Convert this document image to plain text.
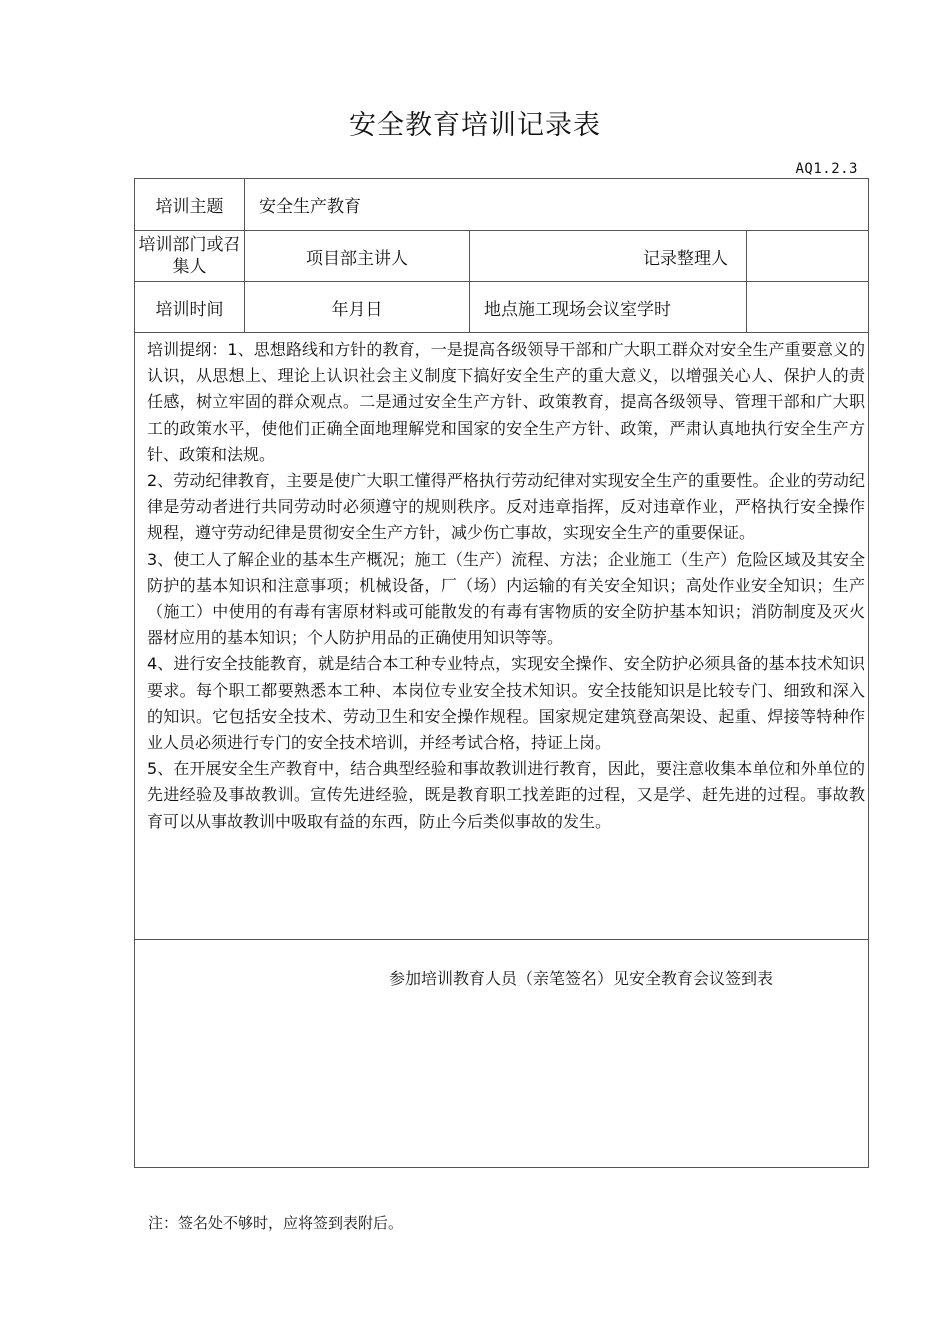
安全教育培训记录表
AQ1.2.3
培训主题	安全生产教育
培训部门或召集人	项目部主讲人	记录整理人
培训时间	年月日	地点施工现场会议室学时

培训提纲：1、思想路线和方针的教育，一是提高各级领导干部和广大职工群众对安全生产重要意义的认识，从思想上、理论上认识社会主义制度下搞好安全生产的重大意义，以增强关心人、保护人的责任感，树立牢固的群众观点。二是通过安全生产方针、政策教育，提高各级领导、管理干部和广大职工的政策水平，使他们正确全面地理解党和国家的安全生产方针、政策，严肃认真地执行安全生产方针、政策和法规。

2、劳动纪律教育，主要是使广大职工懂得严格执行劳动纪律对实现安全生产的重要性。企业的劳动纪律是劳动者进行共同劳动时必须遵守的规则秩序。反对违章指挥，反对违章作业，严格执行安全操作规程，遵守劳动纪律是贯彻安全生产方针，减少伤亡事故，实现安全生产的重要保证。

3、使工人了解企业的基本生产概况；施工（生产）流程、方法；企业施工（生产）危险区域及其安全防护的基本知识和注意事项；机械设备，厂（场）内运输的有关安全知识；高处作业安全知识；生产（施工）中使用的有毒有害原材料或可能散发的有毒有害物质的安全防护基本知识；消防制度及灭火器材应用的基本知识；个人防护用品的正确使用知识等等。

4、进行安全技能教育，就是结合本工种专业特点，实现安全操作、安全防护必须具备的基本技术知识要求。每个职工都要熟悉本工种、本岗位专业安全技术知识。安全技能知识是比较专门、细致和深入的知识。它包括安全技术、劳动卫生和安全操作规程。国家规定建筑登高架设、起重、焊接等特种作业人员必须进行专门的安全技术培训，并经考试合格，持证上岗。

5、在开展安全生产教育中，结合典型经验和事故教训进行教育，因此，要注意收集本单位和外单位的先进经验及事故教训。宣传先进经验，既是教育职工找差距的过程，又是学、赶先进的过程。事故教育可以从事故教训中吸取有益的东西，防止今后类似事故的发生。

参加培训教育人员（亲笔签名）见安全教育会议签到表
注：签名处不够时，应将签到表附后。
